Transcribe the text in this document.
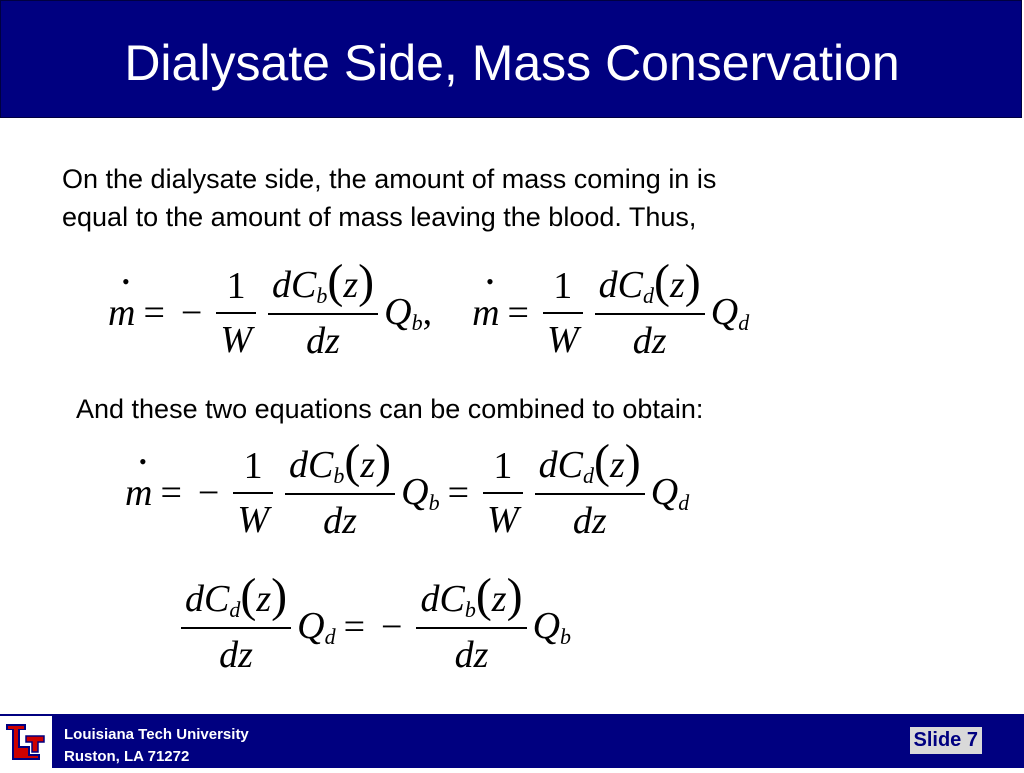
Dialysate Side, Mass Conservation
On the dialysate side, the amount of mass coming in is
equal to the amount of mass leaving the blood. Thus,
• m = − $\frac{1}{W} \frac{dC_b(z)}{dz} Q_b$,
• $m = \frac{1}{W} \frac{dC_d(z)}{dz} Q_d$
And these two equations can be combined to obtain:
• m = − $\frac{1}{W} \frac{dC_b(z)}{dz} Q_b = \frac{1}{W} \frac{dC_d(z)}{dz} Q_d$
$\frac{dC_d(z)}{dz} Q_d$ = − $\frac{dC_b(z)}{dz} Q_b$
Louisiana Tech University
Ruston, LA 71272
Slide 7
